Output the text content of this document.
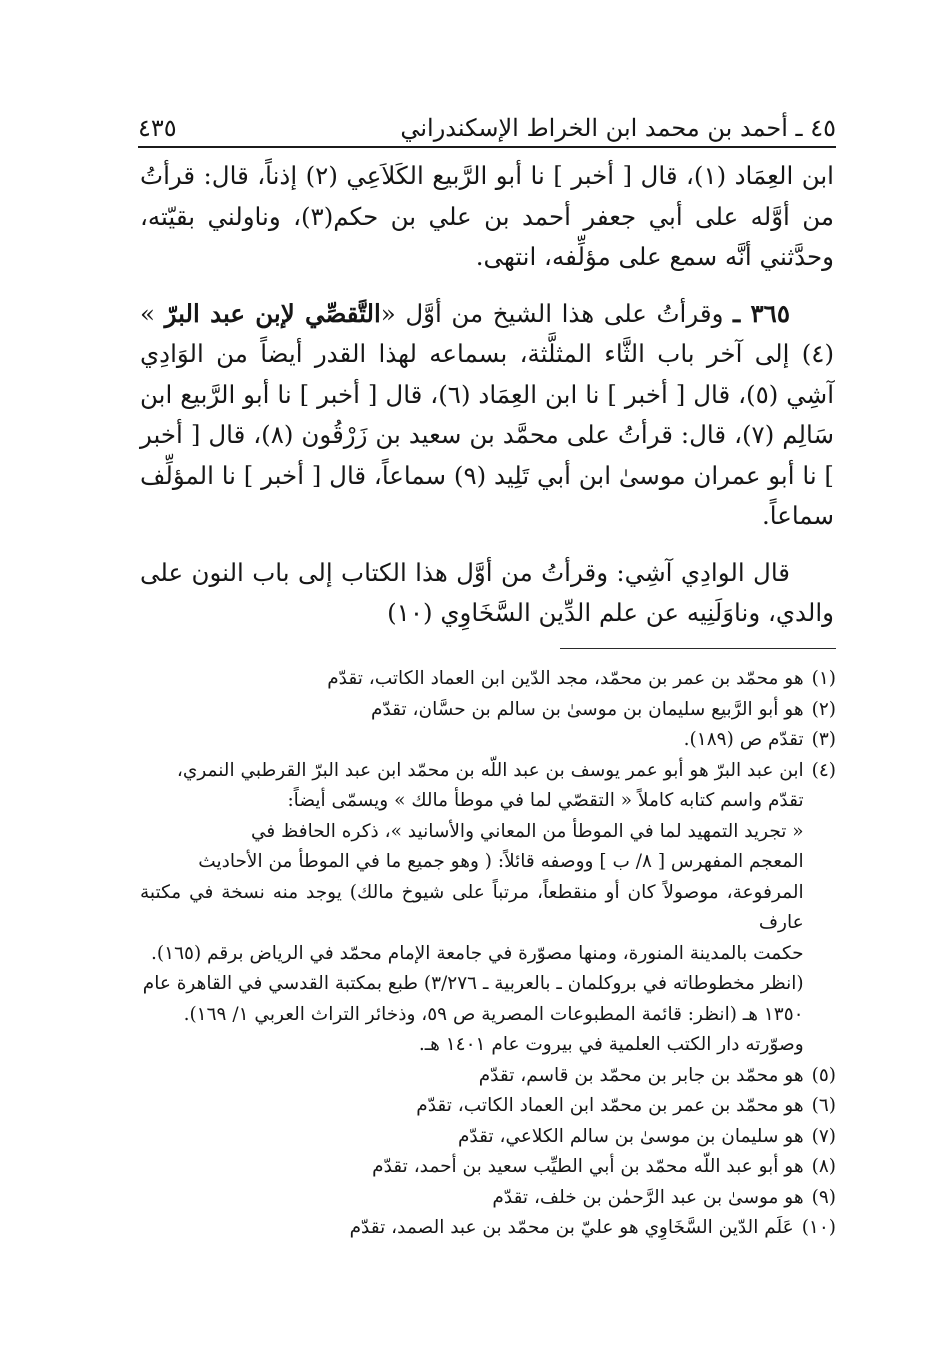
٤٥ ـ أحمد بن محمد ابن الخراط الإسكندراني
٤٣٥

ابن العِمَاد (١)، قال [ أخبر ] نا أبو الرَّبيع الكَلاَعِي (٢) إذناً، قال: قرأتُ من أوَّله على أبي جعفر أحمد بن علي بن حكم(٣)، وناولني بقيّته، وحدَّثني أنَّه سمع على مؤلِّفه، انتهى.

٣٦٥ ـ وقرأتُ على هذا الشيخ من أوَّل «التَّقصِّي لإبن عبد البرّ » (٤) إلى آخر باب الثَّاء المثلَّثة، بسماعه لهذا القدر أيضاً من الوَادِي آشِي (٥)، قال [ أخبر ] نا ابن العِمَاد (٦)، قال [ أخبر ] نا أبو الرَّبيع ابن سَالِم (٧)، قال: قرأتُ على محمَّد بن سعيد بن زَرْقُون (٨)، قال [ أخبر ] نا أبو عمران موسىٰ ابن أبي تَلِيد (٩) سماعاً، قال [ أخبر ] نا المؤلِّف سماعاً.

قال الوادِي آشِي: وقرأتُ من أوَّل هذا الكتاب إلى باب النون على والدي، وناوَلَنِيه عن علم الدِّين السَّخَاوِي (١٠)

(١)
هو محمّد بن عمر بن محمّد، مجد الدّين ابن العماد الكاتب، تقدّم
(٢)
هو أبو الرَّبيع سليمان بن موسىٰ بن سالم بن حسَّان، تقدّم
(٣)
تقدّم ص (١٨٩).
(٤)
ابن عبد البرّ هو أبو عمر يوسف بن عبد اللّه بن محمّد ابن عبد البرّ القرطبي النمري،
تقدّم واسم كتابه كاملاً « التقصّي لما في موطأ مالك » ويسمّى أيضاً:
« تجريد التمهيد لما في الموطأ من المعاني والأسانيد »، ذكره الحافظ في
المعجم المفهرس [ ٨/ ب ] ووصفه قائلاً: ( وهو جميع ما في الموطأ من الأحاديث
المرفوعة، موصولاً كان أو منقطعاً، مرتباً على شيوخ مالك) يوجد منه نسخة في مكتبة عارف
حكمت بالمدينة المنورة، ومنها مصوّرة في جامعة الإمام محمّد في الرياض برقم (١٦٥).
(انظر مخطوطاته في بروكلمان ـ بالعربية ـ ٣/٢٧٦) طبع بمكتبة القدسي في القاهرة عام
١٣٥٠ هـ (انظر: قائمة المطبوعات المصرية ص ٥٩، وذخائر التراث العربي ١/ ١٦٩).
وصوّرته دار الكتب العلمية في بيروت عام ١٤٠١ هـ.
(٥)
هو محمّد بن جابر بن محمّد بن قاسم، تقدّم
(٦)
هو محمّد بن عمر بن محمّد ابن العماد الكاتب، تقدّم
(٧)
هو سليمان بن موسىٰ بن سالم الكلاعي، تقدّم
(٨)
هو أبو عبد اللّه محمّد بن أبي الطيِّب سعيد بن أحمد، تقدّم
(٩)
هو موسىٰ بن عبد الرَّحمٰن بن خلف، تقدّم
(١٠)
عَلَم الدّين السَّخَاوِي هو عليّ بن محمّد بن عبد الصمد، تقدّم
